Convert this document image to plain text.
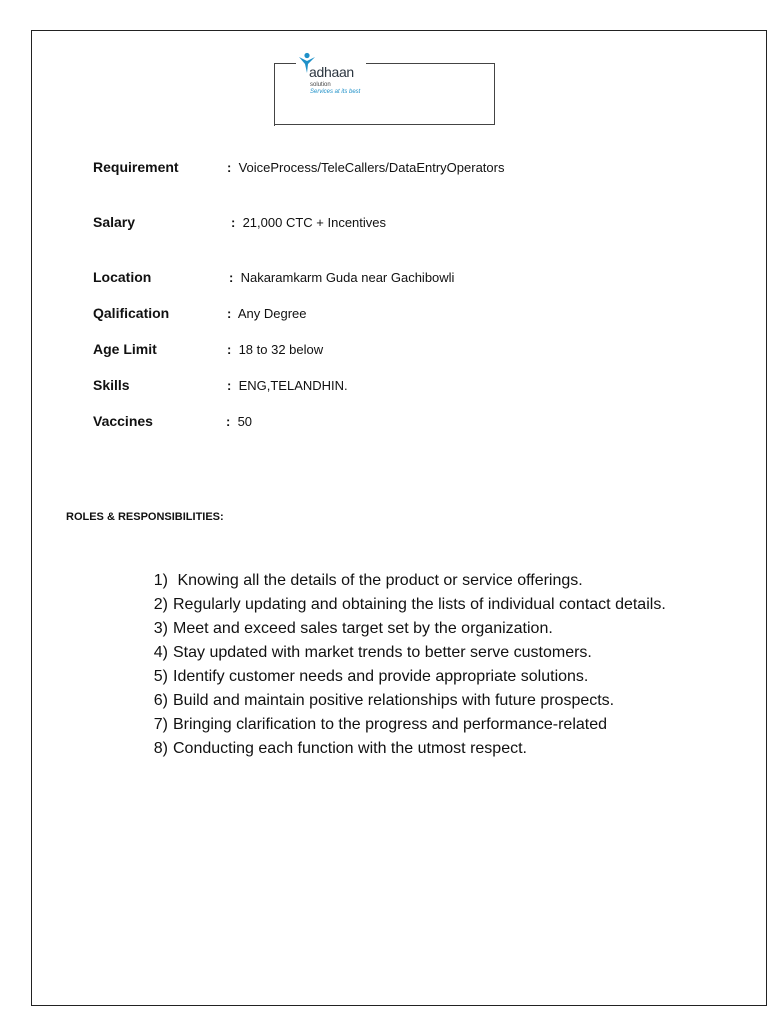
adhaan
solution
Services at its best
Requirement	: VoiceProcess/TeleCallers/DataEntryOperators
Salary	: 21,000 CTC + Incentives
Location	: Nakaramkarm Guda near Gachibowli
Qalification	: Any Degree
Age Limit	: 18 to 32 below
Skills	: ENG,TELANDHIN.
Vaccines	: 50
ROLES & RESPONSIBILITIES:
1) Knowing all the details of the product or service offerings.
2) Regularly updating and obtaining the lists of individual contact details.
3) Meet and exceed sales target set by the organization.
4) Stay updated with market trends to better serve customers.
5) Identify customer needs and provide appropriate solutions.
6) Build and maintain positive relationships with future prospects.
7) Bringing clarification to the progress and performance-related
8) Conducting each function with the utmost respect.
